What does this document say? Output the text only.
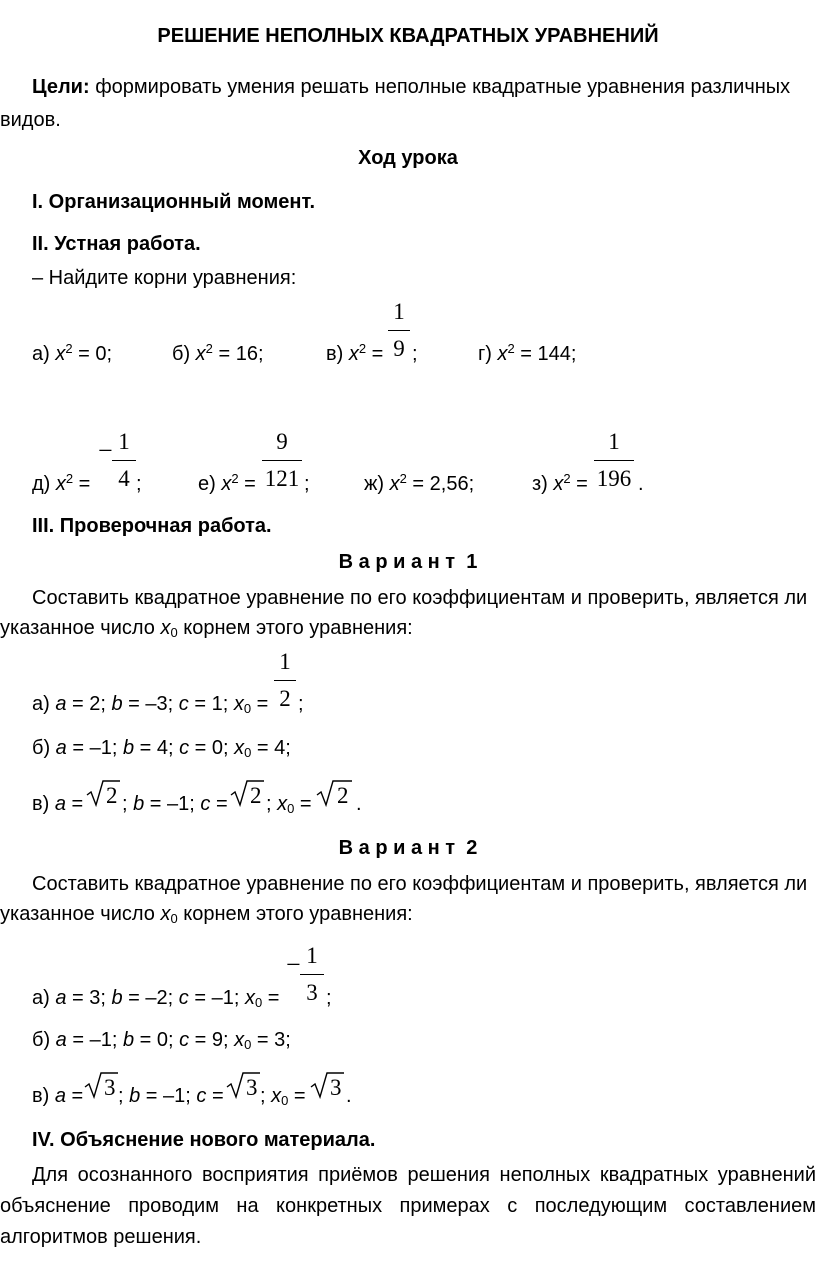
РЕШЕНИЕ НЕПОЛНЫХ КВАДРАТНЫХ УРАВНЕНИЙ
Цели: формировать умения решать неполные квадратные уравнения различных
видов.
Ход урока
I. Организационный момент.
II. Устная работа.
– Найдите корни уравнения:
а) $x^2 = 0$;	б) $x^2 = 16$;	в) $x^2$ =
1
9 ;	г) $x^2 = 144$;
д) $x^2$ =
− 1
4 ;	е) $x^2$ =
9
121 ;	ж) $x^2 = 2,56$;	з) $x^2$ =
1
196 .
III. Проверочная работа.
В а р и а н т  1
Составить квадратное уравнение по его коэффициентам и проверить, является ли
указанное число $x_0$ корнем этого уравнения:
а) a = 2; b = –3; c = 1; $x_0$ =
1
2 ;
б) a = –1; b = 4; c = 0; $x_0 = 4$;
в) a = 2 ; b = –1; c = 2 ; $x_0 = 2$ .
В а р и а н т  2
Составить квадратное уравнение по его коэффициентам и проверить, является ли
указанное число $x_0$ корнем этого уравнения:
а) a = 3; b = –2; c = –1; $x_0$ =
− 1
3 ;
б) a = –1; b = 0; c = 9; $x_0 = 3$;
в) a = 3 ; b = –1; c = 3 ; $x_0 = 3$ .
IV. Объяснение нового материала.
Для осознанного восприятия приёмов решения неполных квадратных уравнений объяснение проводим на конкретных примерах с последующим составлением алгоритмов решения.
